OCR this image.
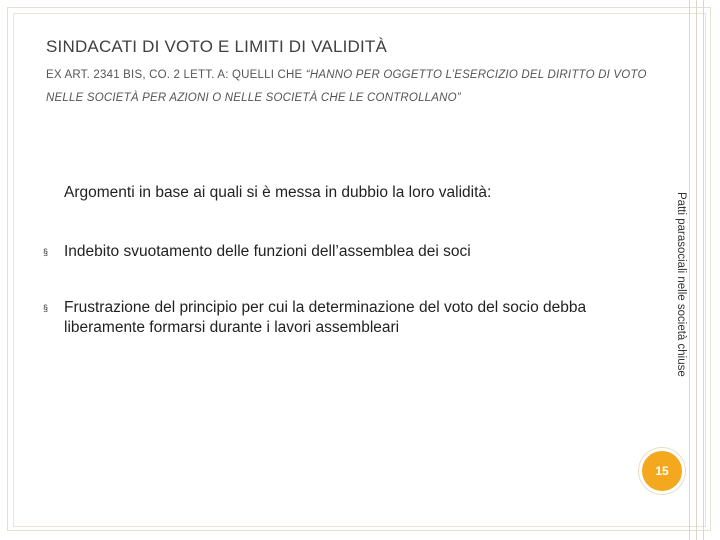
SINDACATI DI VOTO E LIMITI DI VALIDITÀ
EX ART. 2341 BIS, CO. 2 LETT. A: QUELLI CHE “HANNO PER OGGETTO L’ESERCIZIO DEL DIRITTO DI VOTO NELLE SOCIETÀ PER AZIONI O NELLE SOCIETÀ CHE LE CONTROLLANO”
Argomenti in base ai quali si è messa in dubbio la loro validità:
§ Indebito svuotamento delle funzioni dell’assemblea dei soci
§ Frustrazione del principio per cui la determinazione del voto del socio debba liberamente formarsi durante i lavori assembleari	Patti parasociali nelle società chiuse
15
